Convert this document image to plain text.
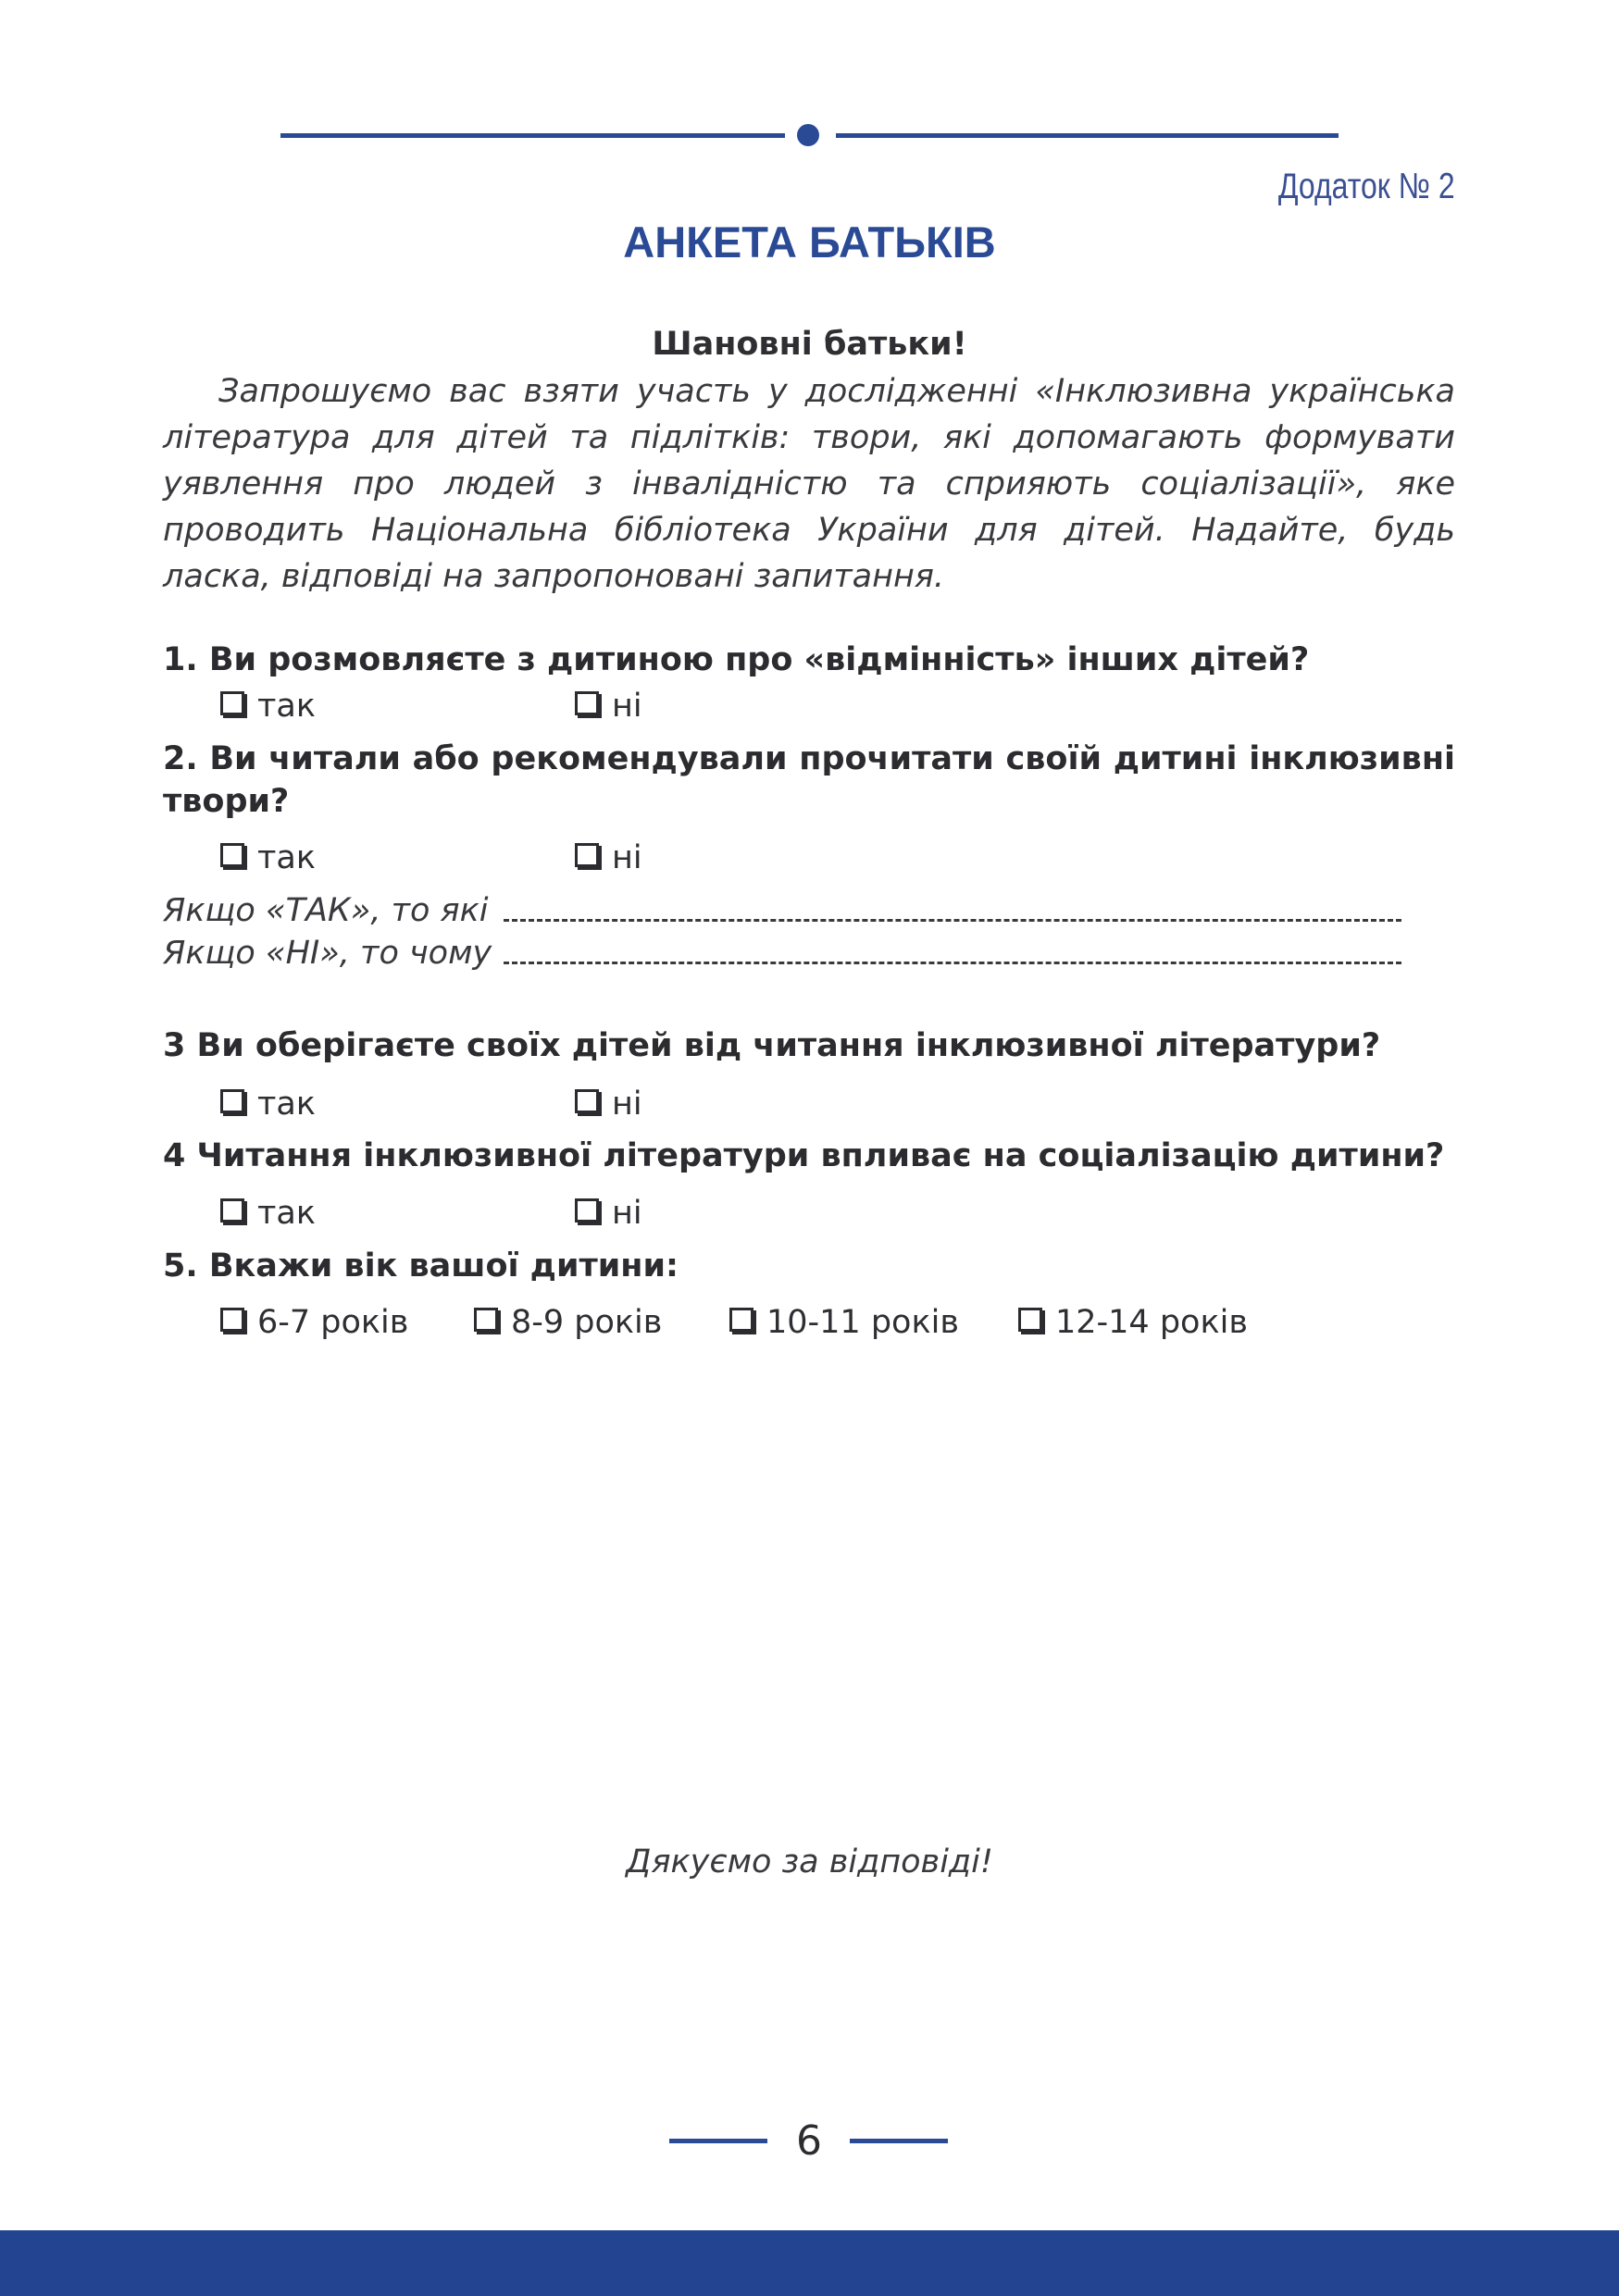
Додаток № 2
АНКЕТА БАТЬКІВ
Шановні батьки!

Запрошуємо вас взяти участь у дослідженні «Інклюзивна українська література для дітей та підлітків: твори, які допомагають формувати уявлення про людей з інвалідністю та сприяють соціалізації», яке проводить Національна бібліотека України для дітей. Надайте, будь ласка, відповіді на запропоновані запитання.

1. Ви розмовляєте з дитиною про «відмінність» інших дітей?

так	ні

2. Ви читали або рекомендували прочитати своїй дитині інклюзивні твори?

так	ні
Якщо «ТАК», то які
Якщо «НІ», то чому

3 Ви оберігаєте своїх дітей від читання інклюзивної літератури?

так	ні

4 Читання інклюзивної літератури впливає на соціалізацію дитини?

так	ні

5. Вкажи вік вашої дитини:

6-7 років	8-9 років	10-11 років	12-14 років
Дякуємо за відповіді!
6
